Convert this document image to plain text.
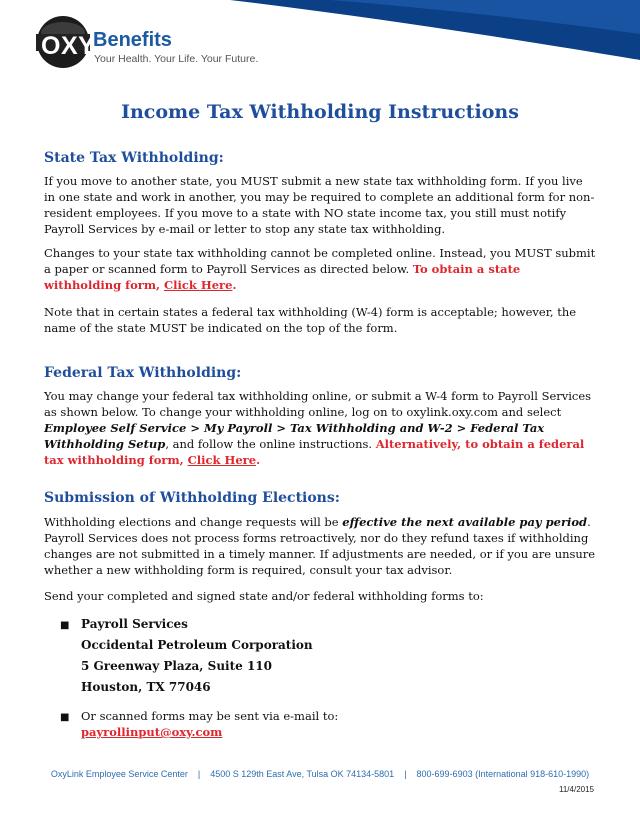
OXY
Benefits
Your Health. Your Life. Your Future.
Income Tax Withholding Instructions
State Tax Withholding:

If you move to another state, you MUST submit a new state tax withholding form. If you live in one state and work in another, you may be required to complete an additional form for non-resident employees. If you move to a state with NO state income tax, you still must notify Payroll Services by e-mail or letter to stop any state tax withholding.

Changes to your state tax withholding cannot be completed online. Instead, you MUST submit a paper or scanned form to Payroll Services as directed below. To obtain a state withholding form, Click Here.

Note that in certain states a federal tax withholding (W-4) form is acceptable; however, the name of the state MUST be indicated on the top of the form.

Federal Tax Withholding:

You may change your federal tax withholding online, or submit a W-4 form to Payroll Services as shown below. To change your withholding online, log on to oxylink.oxy.com and select Employee Self Service > My Payroll > Tax Withholding and W-2 > Federal Tax Withholding Setup, and follow the online instructions. Alternatively, to obtain a federal tax withholding form, Click Here.

Submission of Withholding Elections:

Withholding elections and change requests will be effective the next available pay period. Payroll Services does not process forms retroactively, nor do they refund taxes if withholding changes are not submitted in a timely manner. If adjustments are needed, or if you are unsure whether a new withholding form is required, consult your tax advisor.

Send your completed and signed state and/or federal withholding forms to:

■ Payroll Services
Occidental Petroleum Corporation
5 Greenway Plaza, Suite 110
Houston, TX 77046
■ Or scanned forms may be sent via e-mail to:
payrollinput@oxy.com

OxyLink Employee Service Center | 4500 S 129th East Ave, Tulsa OK 74134-5801 | 800-699-6903 (International 918-610-1990)
11/4/2015
